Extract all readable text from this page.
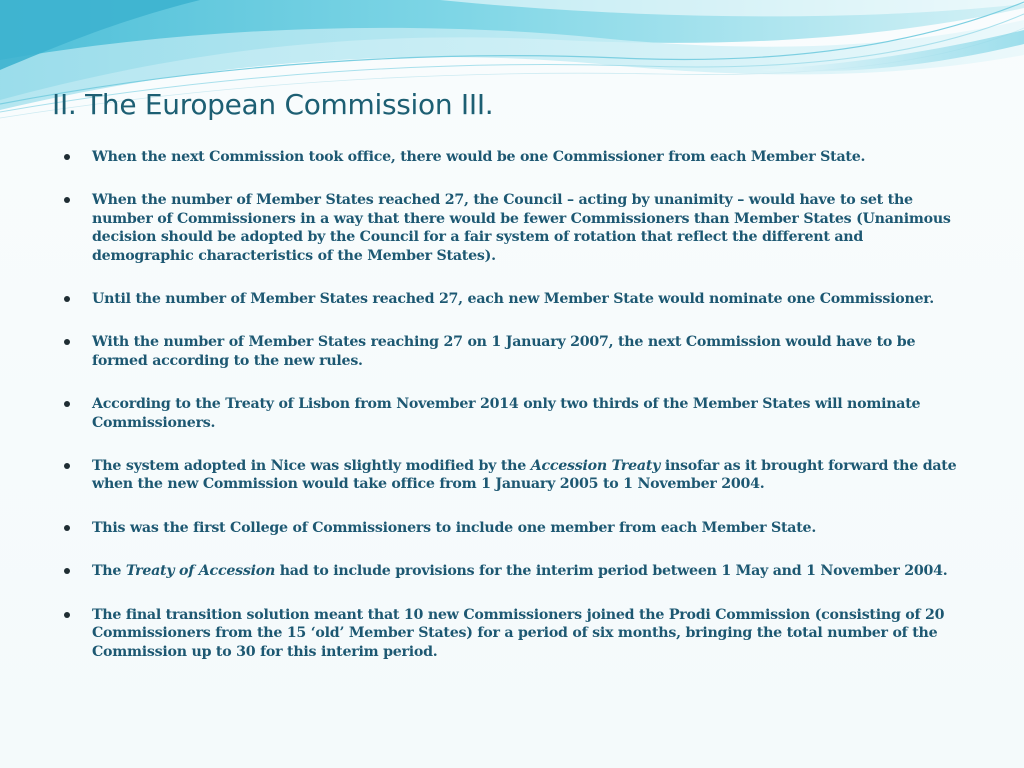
II. The European Commission III.
When the next Commission took office, there would be one Commissioner from each Member State.
When the number of Member States reached 27, the Council – acting by unanimity – would have to set the number of Commissioners in a way that there would be fewer Commissioners than Member States (Unanimous decision should be adopted by the Council for a fair system of rotation that reflect the different and demographic characteristics of the Member States).
Until the number of Member States reached 27, each new Member State would nominate one Commissioner.
With the number of Member States reaching 27 on 1 January 2007, the next Commission would have to be formed according to the new rules.
According to the Treaty of Lisbon from November 2014 only two thirds of the Member States will nominate Commissioners.
The system adopted in Nice was slightly modified by the Accession Treaty insofar as it brought forward the date when the new Commission would take office from 1 January 2005 to 1 November 2004.
This was the first College of Commissioners to include one member from each Member State.
The Treaty of Accession had to include provisions for the interim period between 1 May and 1 November 2004.
The final transition solution meant that 10 new Commissioners joined the Prodi Commission (consisting of 20 Commissioners from the 15 ‘old’ Member States) for a period of six months, bringing the total number of the Commission up to 30 for this interim period.
